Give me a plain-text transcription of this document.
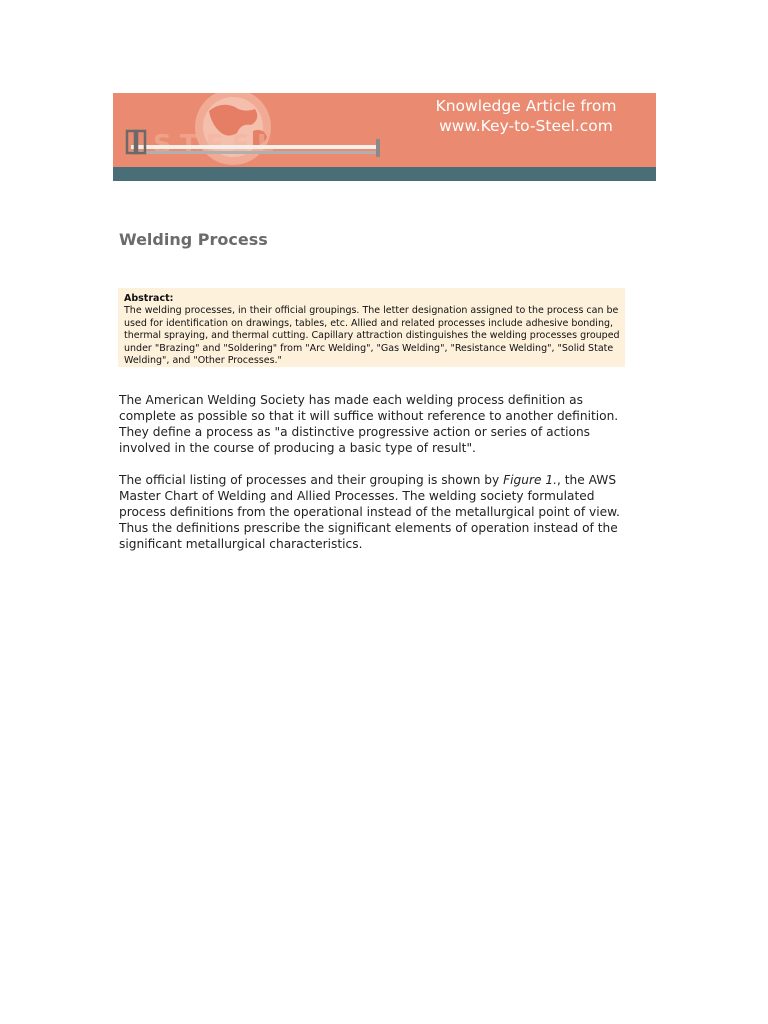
Knowledge Article from
www.Key-to-Steel.com
Welding Process
Abstract:
The welding processes, in their official groupings. The letter designation assigned to the process can be used for identification on drawings, tables, etc. Allied and related processes include adhesive bonding, thermal spraying, and thermal cutting. Capillary attraction distinguishes the welding processes grouped under "Brazing" and "Soldering" from "Arc Welding", "Gas Welding", "Resistance Welding", "Solid State Welding", and "Other Processes."

The American Welding Society has made each welding process definition as complete as possible so that it will suffice without reference to another definition. They define a process as "a distinctive progressive action or series of actions involved in the course of producing a basic type of result".

The official listing of processes and their grouping is shown by Figure 1., the AWS Master Chart of Welding and Allied Processes. The welding society formulated process definitions from the operational instead of the metallurgical point of view. Thus the definitions prescribe the significant elements of operation instead of the significant metallurgical characteristics.
